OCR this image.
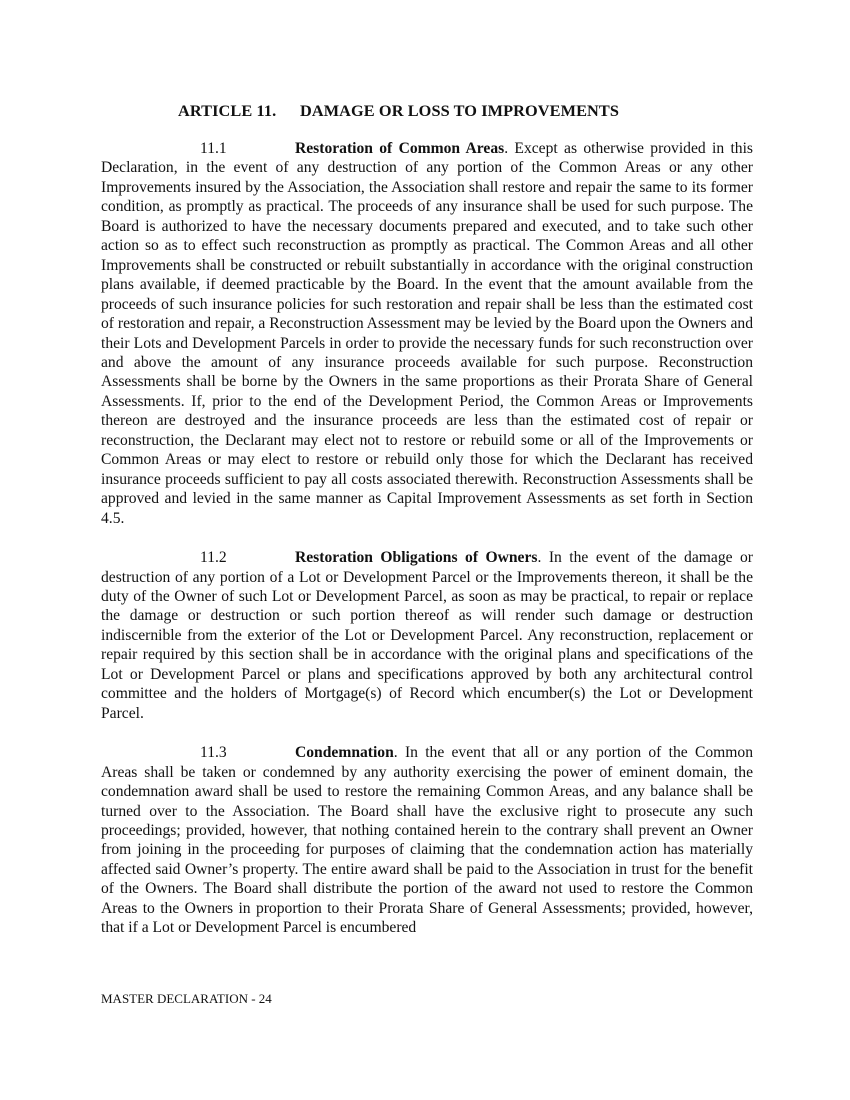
ARTICLE 11. DAMAGE OR LOSS TO IMPROVEMENTS

11.1	Restoration of Common Areas. Except as otherwise provided in this Declaration, in the event of any destruction of any portion of the Common Areas or any other Improvements insured by the Association, the Association shall restore and repair the same to its former condition, as promptly as practical. The proceeds of any insurance shall be used for such purpose. The Board is authorized to have the necessary documents prepared and executed, and to take such other action so as to effect such reconstruction as promptly as practical. The Common Areas and all other Improvements shall be constructed or rebuilt substantially in accordance with the original construction plans available, if deemed practicable by the Board. In the event that the amount available from the proceeds of such insurance policies for such restoration and repair shall be less than the estimated cost of restoration and repair, a Reconstruction Assessment may be levied by the Board upon the Owners and their Lots and Development Parcels in order to provide the necessary funds for such reconstruction over and above the amount of any insurance proceeds available for such purpose. Reconstruction Assessments shall be borne by the Owners in the same proportions as their Prorata Share of General Assessments. If, prior to the end of the Development Period, the Common Areas or Improvements thereon are destroyed and the insurance proceeds are less than the estimated cost of repair or reconstruction, the Declarant may elect not to restore or rebuild some or all of the Improvements or Common Areas or may elect to restore or rebuild only those for which the Declarant has received insurance proceeds sufficient to pay all costs associated therewith. Reconstruction Assessments shall be approved and levied in the same manner as Capital Improvement Assessments as set forth in Section 4.5.

11.2	Restoration Obligations of Owners. In the event of the damage or destruction of any portion of a Lot or Development Parcel or the Improvements thereon, it shall be the duty of the Owner of such Lot or Development Parcel, as soon as may be practical, to repair or replace the damage or destruction or such portion thereof as will render such damage or destruction indiscernible from the exterior of the Lot or Development Parcel. Any reconstruction, replacement or repair required by this section shall be in accordance with the original plans and specifications of the Lot or Development Parcel or plans and specifications approved by both any architectural control committee and the holders of Mortgage(s) of Record which encumber(s) the Lot or Development Parcel.

11.3	Condemnation. In the event that all or any portion of the Common Areas shall be taken or condemned by any authority exercising the power of eminent domain, the condemnation award shall be used to restore the remaining Common Areas, and any balance shall be turned over to the Association. The Board shall have the exclusive right to prosecute any such proceedings; provided, however, that nothing contained herein to the contrary shall prevent an Owner from joining in the proceeding for purposes of claiming that the condemnation action has materially affected said Owner’s property. The entire award shall be paid to the Association in trust for the benefit of the Owners. The Board shall distribute the portion of the award not used to restore the Common Areas to the Owners in proportion to their Prorata Share of General Assessments; provided, however, that if a Lot or Development Parcel is encumbered

MASTER DECLARATION - 24
